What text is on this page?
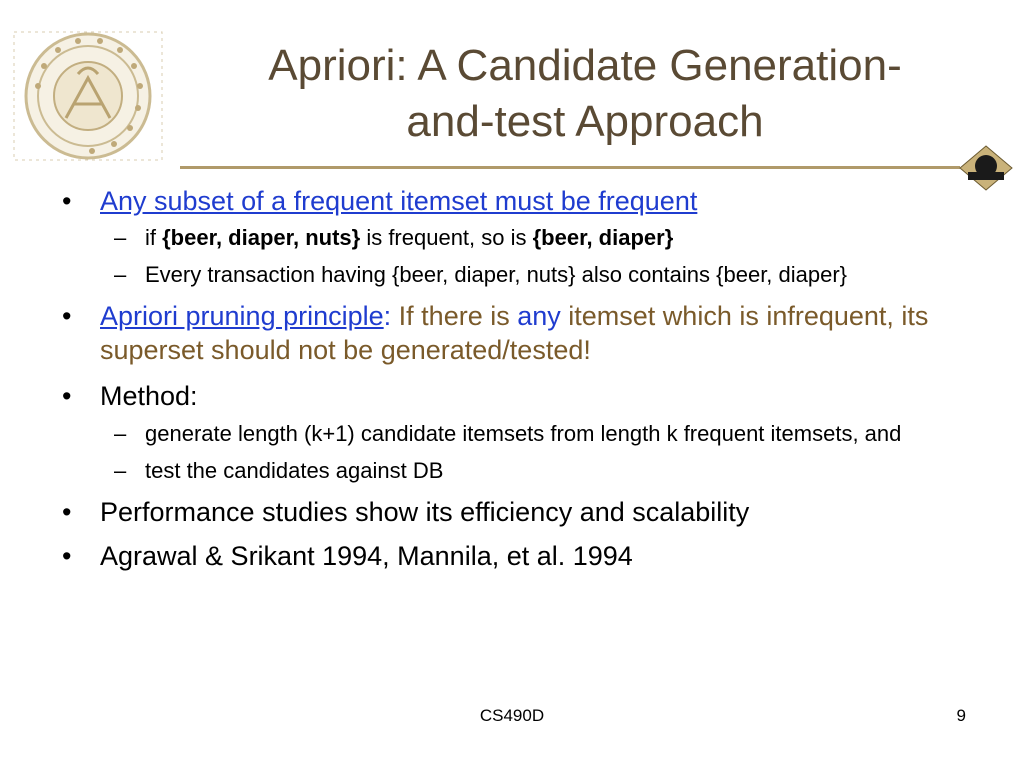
Apriori: A Candidate Generation-
and-test Approach
• Any subset of a frequent itemset must be frequent
– if {beer, diaper, nuts} is frequent, so is {beer, diaper}
– Every transaction having {beer, diaper, nuts} also contains {beer, diaper}
• Apriori pruning principle: If there is any itemset which is infrequent, its superset should not be generated/tested!
• Method:
– generate length (k+1) candidate itemsets from length k frequent itemsets, and
– test the candidates against DB
• Performance studies show its efficiency and scalability
• Agrawal & Srikant 1994, Mannila, et al. 1994
CS490D	9
